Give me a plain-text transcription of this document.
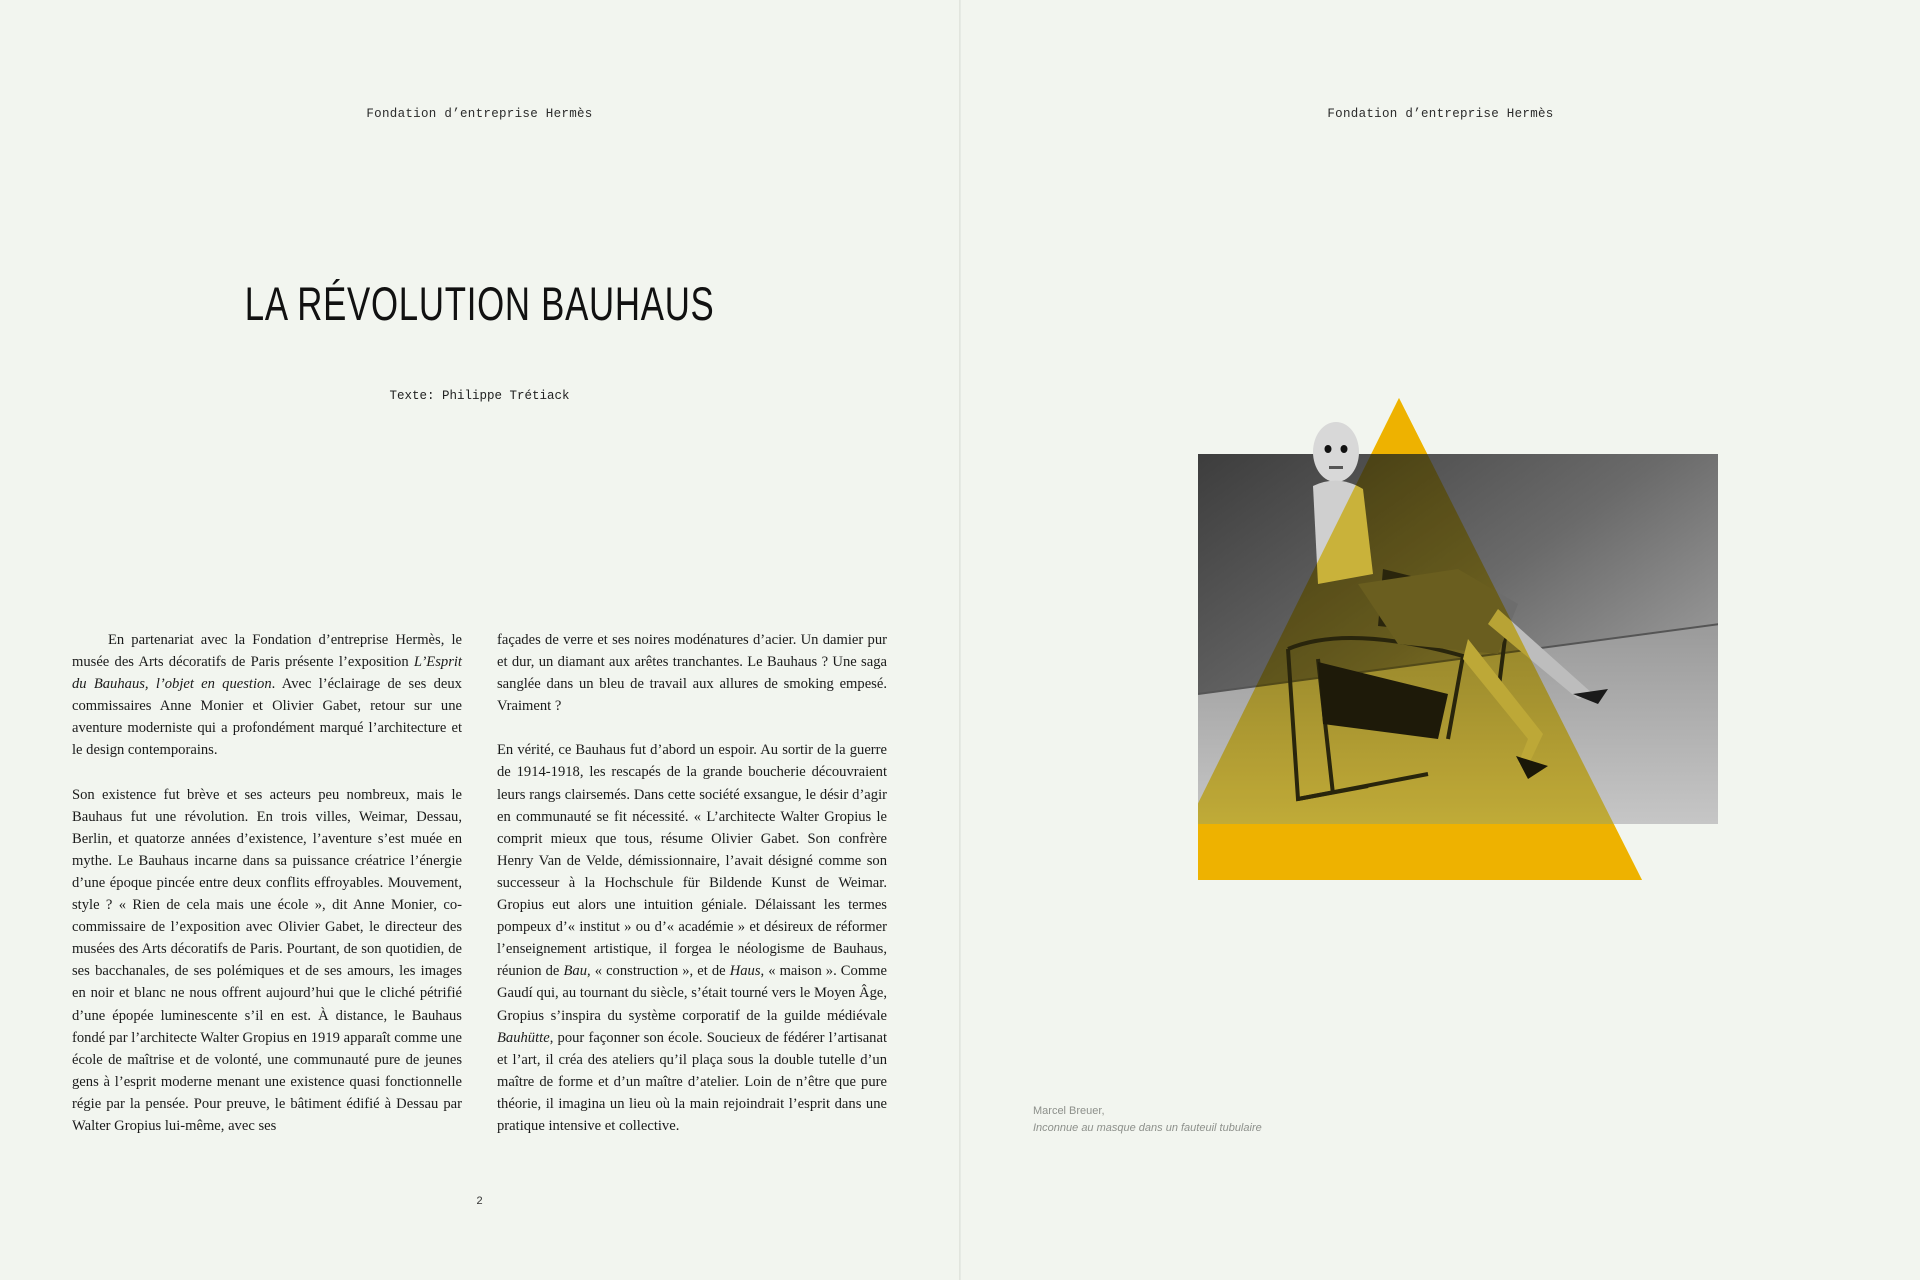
Fondation d’entreprise Hermès
LA RÉVOLUTION BAUHAUS
Texte: Philippe Trétiack

En partenariat avec la Fondation d’entreprise Hermès, le musée des Arts décoratifs de Paris présente l’exposition L’Esprit du Bauhaus, l’objet en question. Avec l’éclairage de ses deux commissaires Anne Monier et Olivier Gabet, retour sur une aventure moderniste qui a profondément marqué l’architecture et le design contemporains.

Son existence fut brève et ses acteurs peu nombreux, mais le Bauhaus fut une révolution. En trois villes, Weimar, Dessau, Berlin, et quatorze années d’existence, l’aventure s’est muée en mythe. Le Bauhaus incarne dans sa puissance créatrice l’énergie d’une époque pincée entre deux conflits effroyables. Mouvement, style ? « Rien de cela mais une école », dit Anne Monier, co-commissaire de l’exposition avec Olivier Gabet, le directeur des musées des Arts décoratifs de Paris. Pourtant, de son quotidien, de ses bacchanales, de ses polémiques et de ses amours, les images en noir et blanc ne nous offrent aujourd’hui que le cliché pétrifié d’une épopée luminescente s’il en est. À distance, le Bauhaus fondé par l’architecte Walter Gropius en 1919 apparaît comme une école de maîtrise et de volonté, une communauté pure de jeunes gens à l’esprit moderne menant une existence quasi fonctionnelle régie par la pensée. Pour preuve, le bâtiment édifié à Dessau par Walter Gropius lui-même, avec ses

façades de verre et ses noires modénatures d’acier. Un damier pur et dur, un diamant aux arêtes tranchantes. Le Bauhaus ? Une saga sanglée dans un bleu de travail aux allures de smoking empesé. Vraiment ?

En vérité, ce Bauhaus fut d’abord un espoir. Au sortir de la guerre de 1914-1918, les rescapés de la grande boucherie découvraient leurs rangs clairsemés. Dans cette société exsangue, le désir d’agir en communauté se fit nécessité. « L’architecte Walter Gropius le comprit mieux que tous, résume Olivier Gabet. Son confrère Henry Van de Velde, démissionnaire, l’avait désigné comme son successeur à la Hochschule für Bildende Kunst de Weimar. Gropius eut alors une intuition géniale. Délaissant les termes pompeux d’« institut » ou d’« académie » et désireux de réformer l’enseignement artistique, il forgea le néologisme de Bauhaus, réunion de Bau, « construction », et de Haus, « maison ». Comme Gaudí qui, au tournant du siècle, s’était tourné vers le Moyen Âge, Gropius s’inspira du système corporatif de la guilde médiévale Bauhütte, pour façonner son école. Soucieux de fédérer l’artisanat et l’art, il créa des ateliers qu’il plaça sous la double tutelle d’un maître de forme et d’un maître d’atelier. Loin de n’être que pure théorie, il imagina un lieu où la main rejoindrait l’esprit dans une pratique intensive et collective.

2
Fondation d’entreprise Hermès
Marcel Breuer,
Inconnue au masque dans un fauteuil tubulaire
